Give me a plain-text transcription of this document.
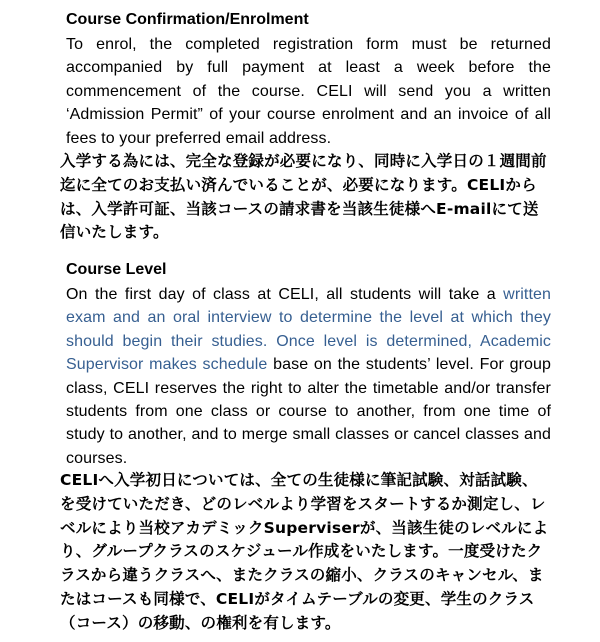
Course Confirmation/Enrolment
To enrol, the completed registration form must be returned accompanied by full payment at least a week before the commencement of the course. CELI will send you a written ‘Admission Permit” of your course enrolment and an invoice of all fees to your preferred email address.
入学する為には、完全な登録が必要になり、同時に入学日の１週間前迄に全てのお支払い済んでいることが、必要になります。CELIからは、入学許可証、当該コースの請求書を当該生徒様へE-mailにて送信いたします。
Course Level
On the first day of class at CELI, all students will take a written exam and an oral interview to determine the level at which they should begin their studies. Once level is determined, Academic Supervisor makes schedule base on the students’ level. For group class, CELI reserves the right to alter the timetable and/or transfer students from one class or course to another, from one time of study to another, and to merge small classes or cancel classes and courses.
CELIへ入学初日については、全ての生徒様に筆記試験、対話試験、を受けていただき、どのレベルより学習をスタートするか測定し、レベルにより当校アカデミックSuperviserが、当該生徒のレベルにより、グループクラスのスケジュール作成をいたします。一度受けたクラスから違うクラスへ、またクラスの縮小、クラスのキャンセル、またはコースも同様で、CELIがタイムテーブルの変更、学生のクラス（コース）の移動、の権利を有します。
